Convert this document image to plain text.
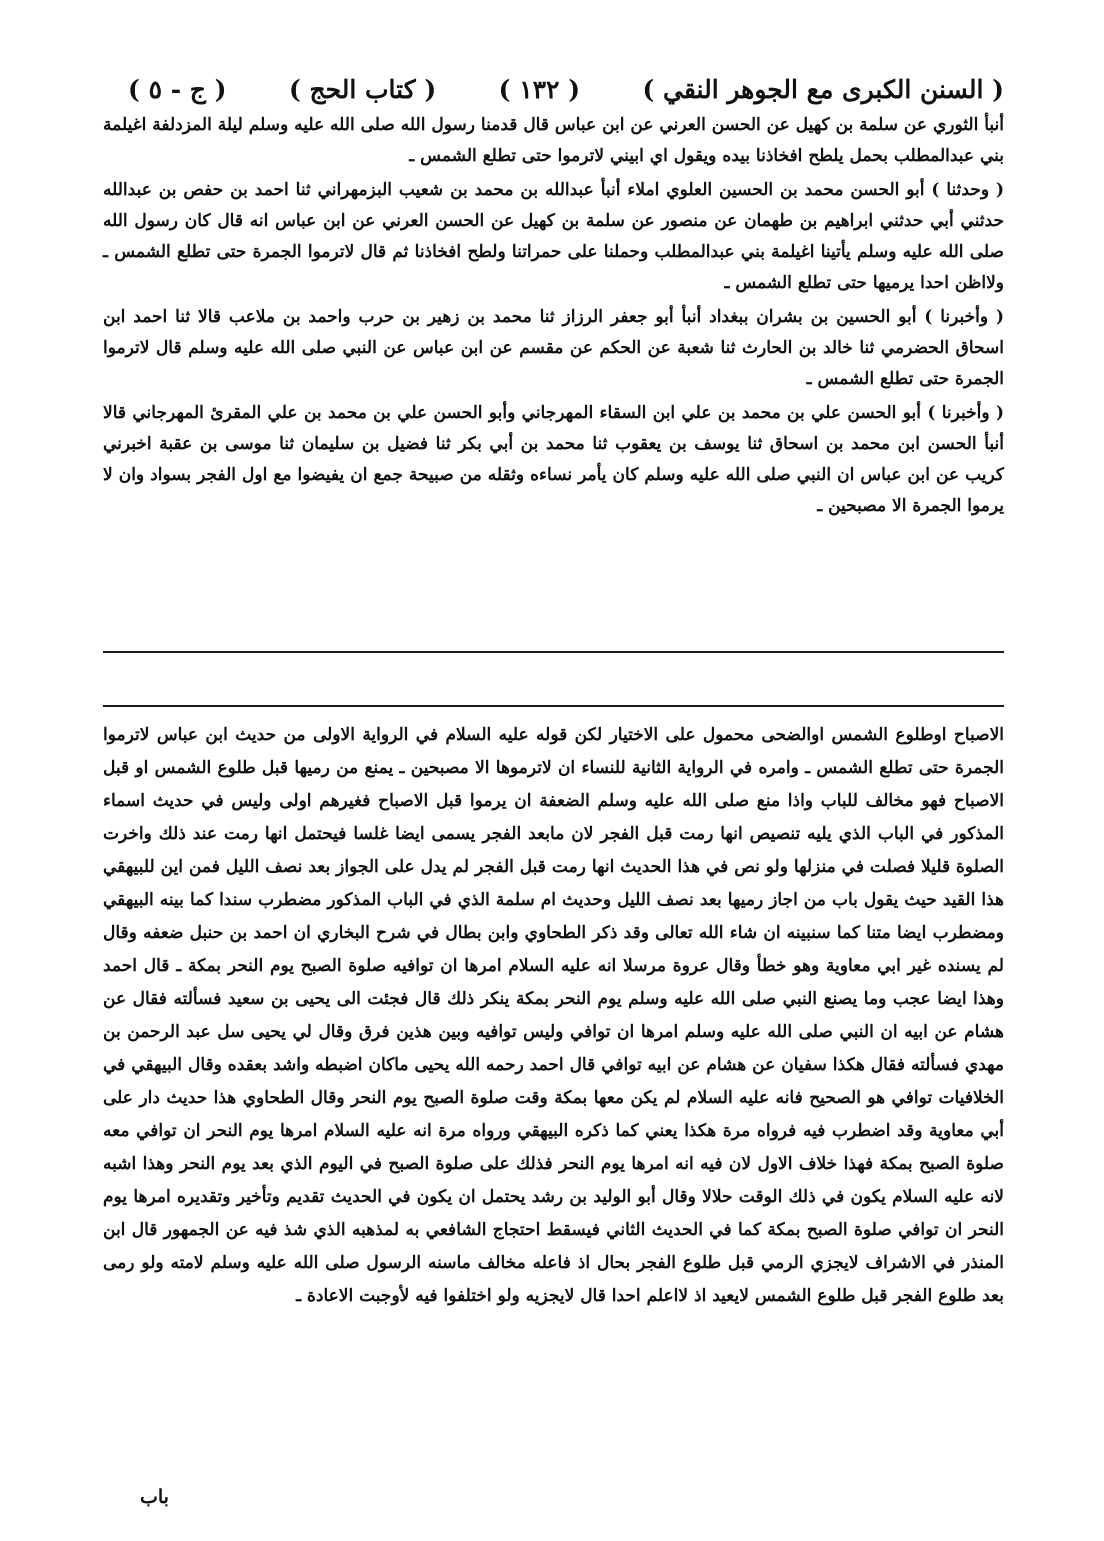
( السنن الكبرى مع الجوهر النقي )
( ١٣٢ )
( كتاب الحج )
( ج - ٥ )

أنبأ الثوري عن سلمة بن كهيل عن الحسن العرني عن ابن عباس قال قدمنا رسول الله صلى الله عليه وسلم ليلة المزدلفة اغيلمة بني عبدالمطلب بحمل يلطح افخاذنا بيده ويقول اي ابيني لاترموا حتى تطلع الشمس ـ

( وحدثنا ) أبو الحسن محمد بن الحسين العلوي املاء أنبأ عبدالله بن محمد بن شعيب البزمهراني ثنا احمد بن حفص بن عبدالله حدثني أبي حدثني ابراهيم بن طهمان عن منصور عن سلمة بن كهيل عن الحسن العرني عن ابن عباس انه قال كان رسول الله صلى الله عليه وسلم يأتينا اغيلمة بني عبدالمطلب وحملنا على حمراتنا ولطح افخاذنا ثم قال لاترموا الجمرة حتى تطلع الشمس ـ ولااظن احدا يرميها حتى تطلع الشمس ـ

( وأخبرنا ) أبو الحسين بن بشران ببغداد أنبأ أبو جعفر الرزاز ثنا محمد بن زهير بن حرب واحمد بن ملاعب قالا ثنا احمد ابن اسحاق الحضرمي ثنا خالد بن الحارث ثنا شعبة عن الحكم عن مقسم عن ابن عباس عن النبي صلى الله عليه وسلم قال لاترموا الجمرة حتى تطلع الشمس ـ

( وأخبرنا ) أبو الحسن علي بن محمد بن علي ابن السقاء المهرجاني وأبو الحسن علي بن محمد بن علي المقرئ المهرجاني قالا أنبأ الحسن ابن محمد بن اسحاق ثنا يوسف بن يعقوب ثنا محمد بن أبي بكر ثنا فضيل بن سليمان ثنا موسى بن عقبة اخبرني كريب عن ابن عباس ان النبي صلى الله عليه وسلم كان يأمر نساءه وثقله من صبيحة جمع ان يفيضوا مع اول الفجر بسواد وان لا يرموا الجمرة الا مصبحين ـ

الاصباح اوطلوع الشمس اوالضحى محمول على الاختيار لكن قوله عليه السلام في الرواية الاولى من حديث ابن عباس لاترموا الجمرة حتى تطلع الشمس ـ وامره في الرواية الثانية للنساء ان لاترموها الا مصبحين ـ يمنع من رميها قبل طلوع الشمس او قبل الاصباح فهو مخالف للباب واذا منع صلى الله عليه وسلم الضعفة ان يرموا قبل الاصباح فغيرهم اولى وليس في حديث اسماء المذكور في الباب الذي يليه تنصيص انها رمت قبل الفجر لان مابعد الفجر يسمى ايضا غلسا فيحتمل انها رمت عند ذلك واخرت الصلوة قليلا فصلت في منزلها ولو نص في هذا الحديث انها رمت قبل الفجر لم يدل على الجواز بعد نصف الليل فمن اين للبيهقي هذا القيد حيث يقول باب من اجاز رميها بعد نصف الليل وحديث ام سلمة الذي في الباب المذكور مضطرب سندا كما بينه البيهقي ومضطرب ايضا متنا كما سنبينه ان شاء الله تعالى وقد ذكر الطحاوي وابن بطال في شرح البخاري ان احمد بن حنبل ضعفه وقال لم يسنده غير ابي معاوية وهو خطأ وقال عروة مرسلا انه عليه السلام امرها ان توافيه صلوة الصبح يوم النحر بمكة ـ قال احمد وهذا ايضا عجب وما يصنع النبي صلى الله عليه وسلم يوم النحر بمكة ينكر ذلك قال فجئت الى يحيى بن سعيد فسألته فقال عن هشام عن ابيه ان النبي صلى الله عليه وسلم امرها ان توافي وليس توافيه وبين هذين فرق وقال لي يحيى سل عبد الرحمن بن مهدي فسألته فقال هكذا سفيان عن هشام عن ابيه توافي قال احمد رحمه الله يحيى ماكان اضبطه واشد بعقده وقال البيهقي في الخلافيات توافي هو الصحيح فانه عليه السلام لم يكن معها بمكة وقت صلوة الصبح يوم النحر وقال الطحاوي هذا حديث دار على أبي معاوية وقد اضطرب فيه فرواه مرة هكذا يعني كما ذكره البيهقي ورواه مرة انه عليه السلام امرها يوم النحر ان توافي معه صلوة الصبح بمكة فهذا خلاف الاول لان فيه انه امرها يوم النحر فذلك على صلوة الصبح في اليوم الذي بعد يوم النحر وهذا اشبه لانه عليه السلام يكون في ذلك الوقت حلالا وقال أبو الوليد بن رشد يحتمل ان يكون في الحديث تقديم وتأخير وتقديره امرها يوم النحر ان توافي صلوة الصبح بمكة كما في الحديث الثاني فيسقط احتجاج الشافعي به لمذهبه الذي شذ فيه عن الجمهور قال ابن المنذر في الاشراف لايجزي الرمي قبل طلوع الفجر بحال اذ فاعله مخالف ماسنه الرسول صلى الله عليه وسلم لامته ولو رمى بعد طلوع الفجر قبل طلوع الشمس لايعيد اذ لااعلم احدا قال لايجزيه ولو اختلفوا فيه لأوجبت الاعادة ـ

باب
